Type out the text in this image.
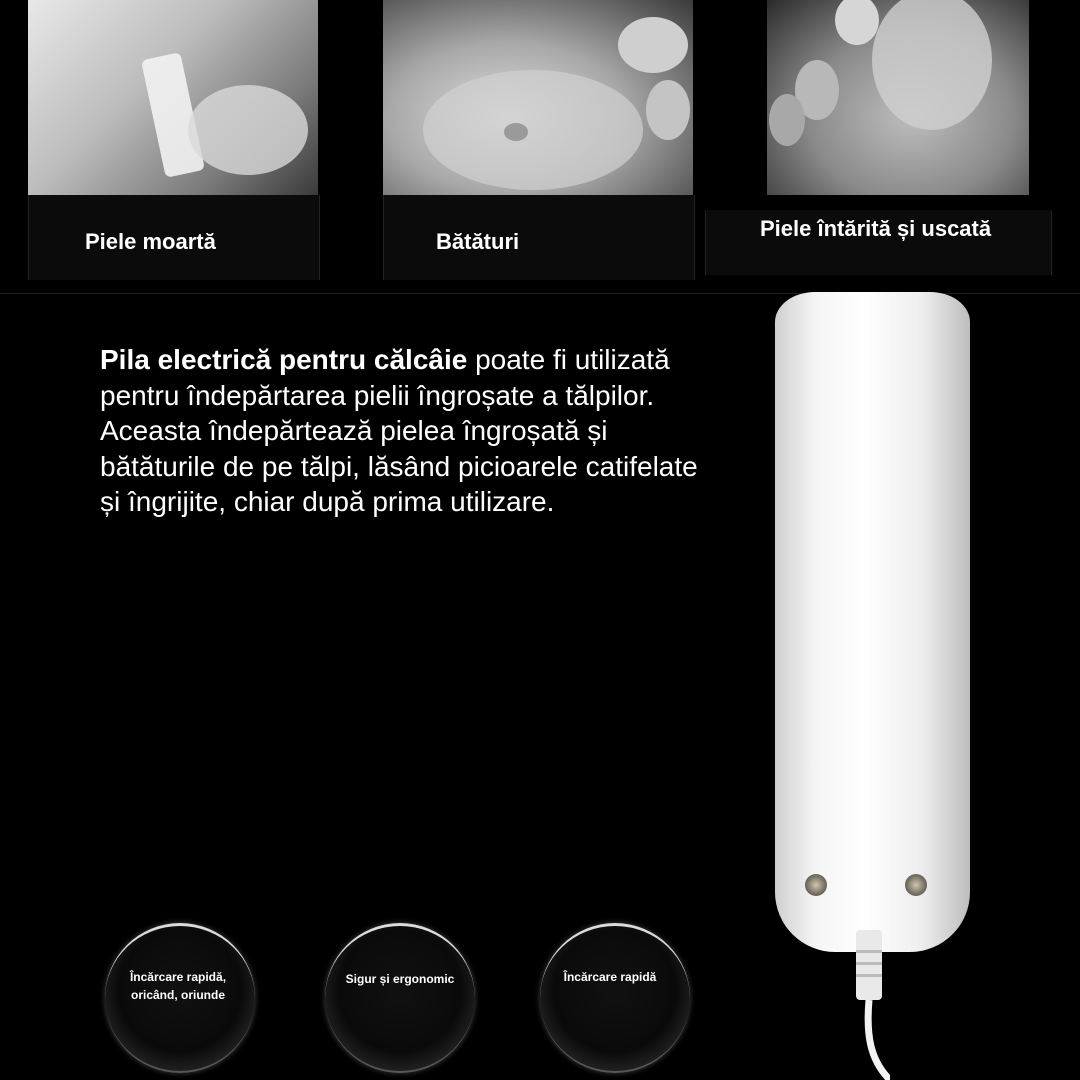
Piele moartă	Bătături
Piele întărită și uscată
Pila electrică pentru călcâie poate fi utilizată pentru îndepărtarea pielii îngroșate a tălpilor. Aceasta îndepărtează pielea îngroșată și bătăturile de pe tălpi, lăsând picioarele catifelate și îngrijite, chiar după prima utilizare.
Încărcare rapidă,
oricând, oriunde
Sigur și ergonomic	Încărcare rapidă
